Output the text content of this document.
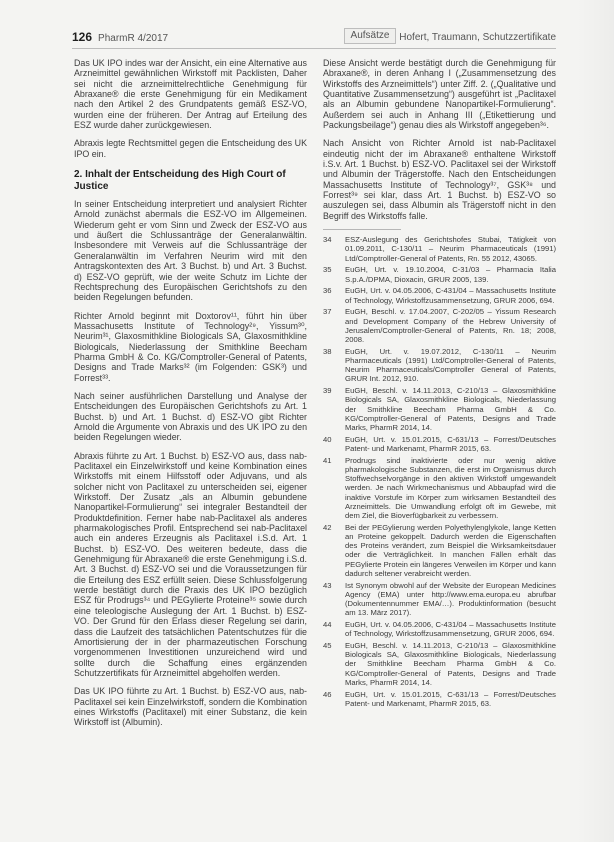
126 PharmR 4/2017	Aufsätze Hofert, Traumann, Schutzzertifikate

Das UK IPO indes war der Ansicht, ein eine Alternative aus Arzneimittel gewähnlichen Wirkstoff mit Packlisten, Daher sei nicht die arzneimittelrechtliche Genehmigung für Abraxane® die erste Genehmigung für ein Medikament nach den Artikel 2 des Grundpatents gemäß ESZ-VO, wurden eine der früheren. Der Antrag auf Erteilung des ESZ wurde daher zurückgewiesen.

Abraxis legte Rechtsmittel gegen die Entscheidung des UK IPO ein.

2. Inhalt der Entscheidung des High Court of Justice

In seiner Entscheidung interpretiert und analysiert Richter Arnold zunächst abermals die ESZ-VO im Allgemeinen. Wiederum geht er vom Sinn und Zweck der ESZ-VO aus und äußert die Schlussanträge der Generalanwältin. Insbesondere mit Verweis auf die Schlussanträge der Generalanwältin im Verfahren Neurim wird mit den Antragskontexten des Art. 3 Buchst. b) und Art. 3 Buchst. d) ESZ-VO geprüft, wie der weite Schutz im Lichte der Rechtsprechung des Europäischen Gerichtshofs zu den beiden Regelungen befunden.

Richter Arnold beginnt mit Doxtorov¹¹, führt hin über Massachusetts Institute of Technology²⁹, Yissum³⁰, Neurim³¹, Glaxosmithkline Biologicals SA, Glaxosmithkline Biologicals, Niederlassung der Smithkline Beecham Pharma GmbH & Co. KG/Comptroller-General of Patents, Designs and Trade Marks³² (im Folgenden: GSK³) und Forrest³³.

Nach seiner ausführlichen Darstellung und Analyse der Entscheidungen des Europäischen Gerichtshofs zu Art. 1 Buchst. b) und Art. 1 Buchst. d) ESZ-VO gibt Richter Arnold die Argumente von Abraxis und des UK IPO zu den beiden Regelungen wieder.

Abraxis führte zu Art. 1 Buchst. b) ESZ-VO aus, dass nab-Paclitaxel ein Einzelwirkstoff und keine Kombination eines Wirkstoffs mit einem Hilfsstoff oder Adjuvans, und als solcher nicht von Paclitaxel zu unterscheiden sei, eigener Wirkstoff. Der Zusatz „als an Albumin gebundene Nanopartikel-Formulierung“ sei integraler Bestandteil der Produktdefinition. Ferner habe nab-Paclitaxel als anderes pharmakologisches Profil. Entsprechend sei nab-Paclitaxel auch ein anderes Erzeugnis als Paclitaxel i.S.d. Art. 1 Buchst. b) ESZ-VO. Des weiteren bedeute, dass die Genehmigung für Abraxane® die erste Genehmigung i.S.d. Art. 3 Buchst. d) ESZ-VO sei und die Voraussetzungen für die Erteilung des ESZ erfüllt seien. Diese Schlussfolgerung werde bestätigt durch die Praxis des UK IPO bezüglich ESZ für Prodrugs³⁴ und PEGylierte Proteine³⁵ sowie durch eine teleologische Auslegung der Art. 1 Buchst. b) ESZ-VO. Der Grund für den Erlass dieser Regelung sei darin, dass die Laufzeit des tatsächlichen Patentschutzes für die Amortisierung der in der pharmazeutischen Forschung vorgenommenen Investitionen unzureichend wird und sollte durch die Schaffung eines ergänzenden Schutzzertifikats für Arzneimittel abgeholfen werden.

Das UK IPO führte zu Art. 1 Buchst. b) ESZ-VO aus, nab-Paclitaxel sei kein Einzelwirkstoff, sondern die Kombination eines Wirkstoffs (Paclitaxel) mit einer Substanz, die kein Wirkstoff ist (Albumin).

Diese Ansicht werde bestätigt durch die Genehmigung für Abraxane®, in deren Anhang I („Zusammensetzung des Wirkstoffs des Arzneimittels“) unter Ziff. 2. („Qualitative und Quantitative Zusammensetzung“) ausgeführt ist „Paclitaxel als an Albumin gebundene Nanopartikel-Formulierung“. Außerdem sei auch in Anhang III („Etikettierung und Packungsbeilage“) genau dies als Wirkstoff angegeben³⁶.

Nach Ansicht von Richter Arnold ist nab-Paclitaxel eindeutig nicht der im Abraxane® enthaltene Wirkstoff i.S.v. Art. 1 Buchst. b) ESZ-VO. Paclitaxel sei der Wirkstoff und Albumin der Trägerstoffe. Nach den Entscheidungen Massachusetts Institute of Technology³⁷, GSK³⁸ und Forrest³⁹ sei klar, dass Art. 1 Buchst. b) ESZ-VO so auszulegen sei, dass Albumin als Trägerstoff nicht in den Begriff des Wirkstoffs falle.

34	ESZ-Auslegung des Gerichtshofes Stubai, Tätigkeit von 01.09.2011, C-130/11 – Neurim Pharmaceuticals (1991) Ltd/Comptroller-General of Patents, Rn. 55 2012, 43065.
35	EuGH, Urt. v. 19.10.2004, C-31/03 – Pharmacia Italia S.p.A./DPMA, Dioxacin, GRUR 2005, 139.
36	EuGH, Urt. v. 04.05.2006, C-431/04 – Massachusetts Institute of Technology, Wirkstoffzusammensetzung, GRUR 2006, 694.
37	EuGH, Beschl. v. 17.04.2007, C-202/05 – Yissum Research and Development Company of the Hebrew University of Jerusalem/Comptroller-General of Patents, Rn. 18; 2008, 2008.
38	EuGH, Urt. v. 19.07.2012, C-130/11 – Neurim Pharmaceuticals (1991) Ltd/Comptroller-General of Patents, Neurim Pharmaceuticals/Comptroller General of Patents, GRUR Int. 2012, 910.
39	EuGH, Beschl. v. 14.11.2013, C-210/13 – Glaxosmithkline Biologicals SA, Glaxosmithkline Biologicals, Niederlassung der Smithkline Beecham Pharma GmbH & Co. KG/Comptroller-General of Patents, Designs and Trade Marks, PharmR 2014, 14.
40	EuGH, Urt. v. 15.01.2015, C-631/13 – Forrest/Deutsches Patent- und Markenamt, PharmR 2015, 63.
41	Prodrugs sind inaktivierte oder nur wenig aktive pharmakologische Substanzen, die erst im Organismus durch Stoffwechselvorgänge in den aktiven Wirkstoff umgewandelt werden. Je nach Wirkmechanismus und Abbaupfad wird die inaktive Vorstufe im Körper zum wirksamen Bestandteil des Arzneimittels. Die Umwandlung erfolgt oft im Gewebe, mit dem Ziel, die Bioverfügbarkeit zu verbessern.
42	Bei der PEGylierung werden Polyethylenglykole, lange Ketten an Proteine gekoppelt. Dadurch werden die Eigenschaften des Proteins verändert, zum Beispiel die Wirksamkeitsdauer oder die Verträglichkeit. In manchen Fällen erhält das PEGylierte Protein ein längeres Verweilen im Körper und kann dadurch seltener verabreicht werden.
43	Ist Synonym obwohl auf der Website der European Medicines Agency (EMA) unter http://www.ema.europa.eu abrufbar (Dokumentennummer EMA/…). Produktinformation (besucht am 13. März 2017).
44	EuGH, Urt. v. 04.05.2006, C-431/04 – Massachusetts Institute of Technology, Wirkstoffzusammensetzung, GRUR 2006, 694.
45	EuGH, Beschl. v. 14.11.2013, C-210/13 – Glaxosmithkline Biologicals SA, Glaxosmithkline Biologicals, Niederlassung der Smithkline Beecham Pharma GmbH & Co. KG/Comptroller-General of Patents, Designs and Trade Marks, PharmR 2014, 14.
46	EuGH, Urt. v. 15.01.2015, C-631/13 – Forrest/Deutsches Patent- und Markenamt, PharmR 2015, 63.
